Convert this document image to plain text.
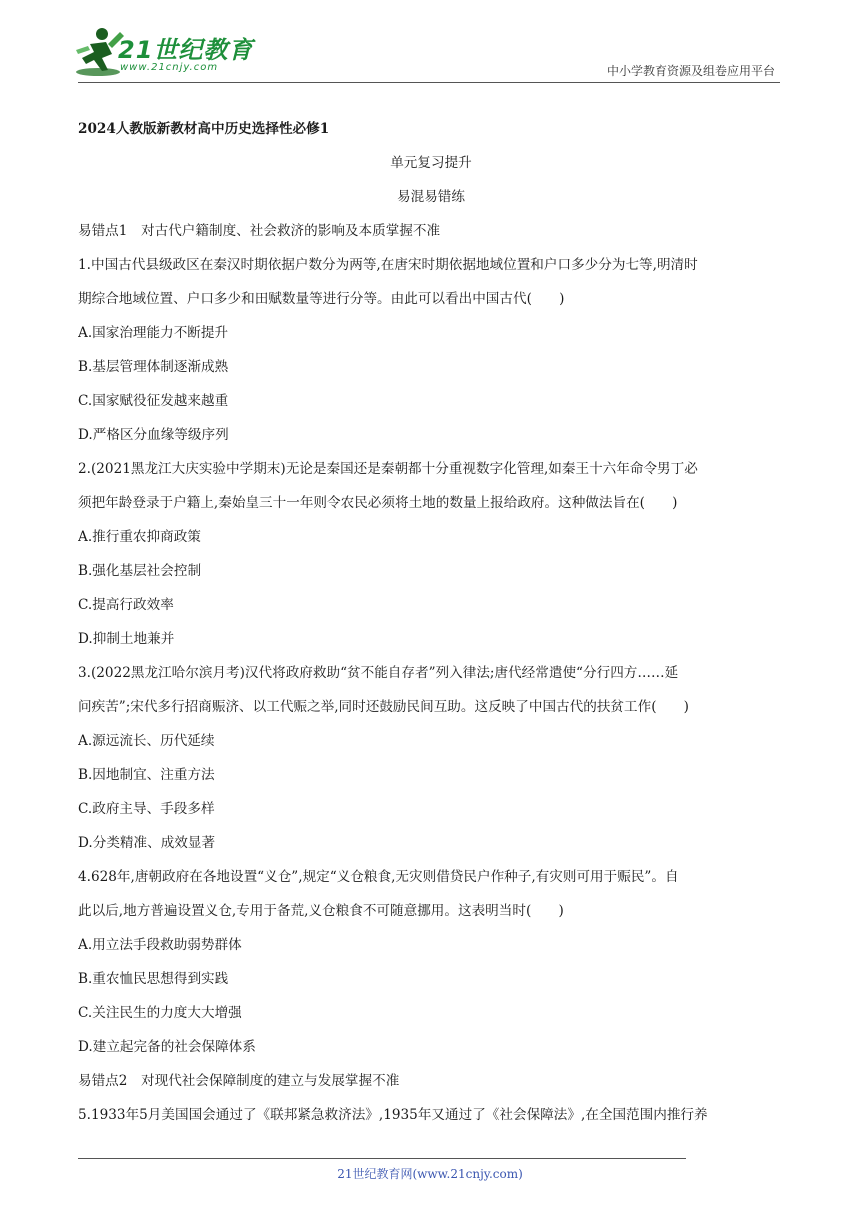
21世纪教育
www.21cnjy.com	中小学教育资源及组卷应用平台
2024人教版新教材高中历史选择性必修1
单元复习提升
易混易错练
易错点1　对古代户籍制度、社会救济的影响及本质掌握不准
1.中国古代县级政区在秦汉时期依据户数分为两等,在唐宋时期依据地域位置和户口多少分为七等,明清时
期综合地域位置、户口多少和田赋数量等进行分等。由此可以看出中国古代(　　)
A.国家治理能力不断提升
B.基层管理体制逐渐成熟
C.国家赋役征发越来越重
D.严格区分血缘等级序列
2.(2021黑龙江大庆实验中学期末)无论是秦国还是秦朝都十分重视数字化管理,如秦王十六年命令男丁必
须把年龄登录于户籍上,秦始皇三十一年则令农民必须将土地的数量上报给政府。这种做法旨在(　　)
A.推行重农抑商政策
B.强化基层社会控制
C.提高行政效率
D.抑制土地兼并
3.(2022黑龙江哈尔滨月考)汉代将政府救助“贫不能自存者”列入律法;唐代经常遣使“分行四方……延
问疾苦”;宋代多行招商赈济、以工代赈之举,同时还鼓励民间互助。这反映了中国古代的扶贫工作(　　)
A.源远流长、历代延续
B.因地制宜、注重方法
C.政府主导、手段多样
D.分类精准、成效显著
4.628年,唐朝政府在各地设置“义仓”,规定“义仓粮食,无灾则借贷民户作种子,有灾则可用于赈民”。自
此以后,地方普遍设置义仓,专用于备荒,义仓粮食不可随意挪用。这表明当时(　　)
A.用立法手段救助弱势群体
B.重农恤民思想得到实践
C.关注民生的力度大大增强
D.建立起完备的社会保障体系
易错点2　对现代社会保障制度的建立与发展掌握不准
5.1933年5月美国国会通过了《联邦紧急救济法》,1935年又通过了《社会保障法》,在全国范围内推行养
21世纪教育网(www.21cnjy.com)
